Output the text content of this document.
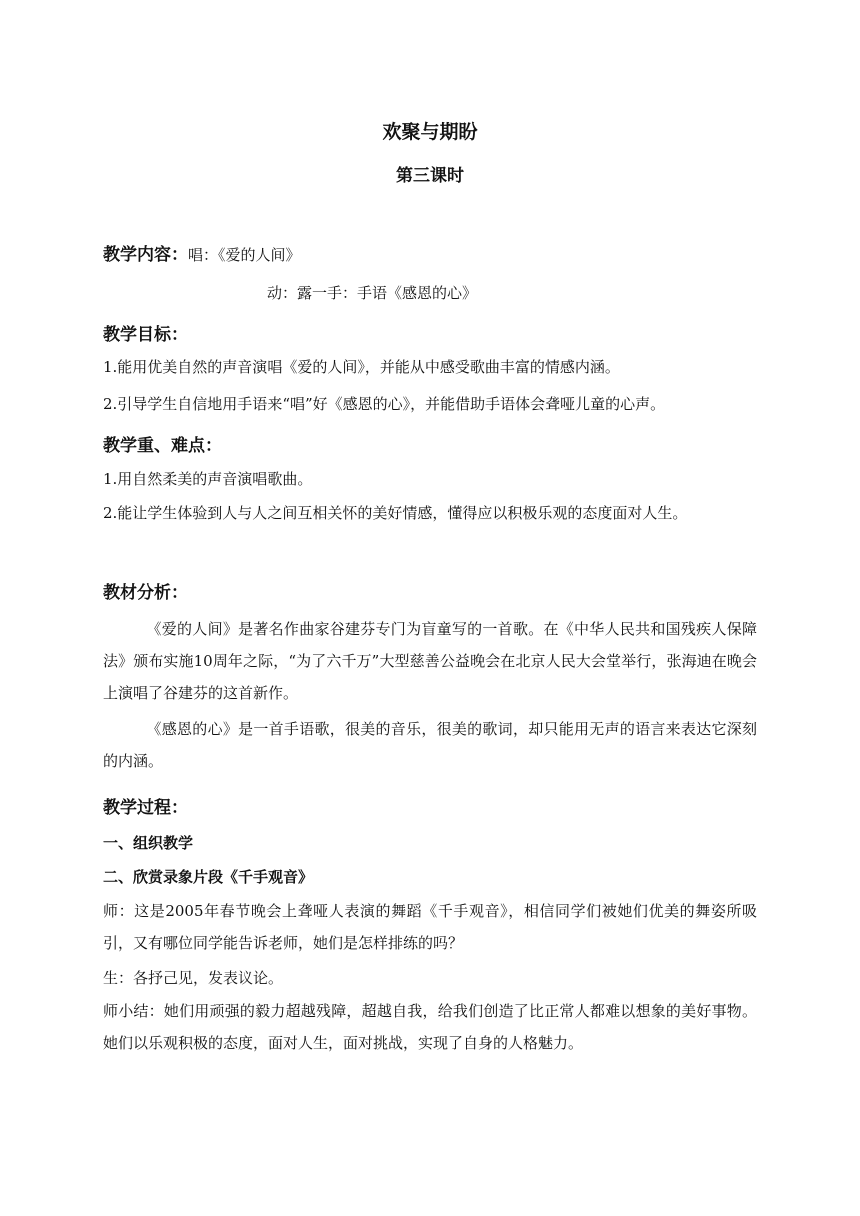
欢聚与期盼
第三课时
教学内容：唱：《爱的人间》
动：露一手：手语《感恩的心》
教学目标：
1.能用优美自然的声音演唱《爱的人间》，并能从中感受歌曲丰富的情感内涵。
2.引导学生自信地用手语来“唱”好《感恩的心》，并能借助手语体会聋哑儿童的心声。
教学重、难点：
1.用自然柔美的声音演唱歌曲。
2.能让学生体验到人与人之间互相关怀的美好情感，懂得应以积极乐观的态度面对人生。
教材分析：
《爱的人间》是著名作曲家谷建芬专门为盲童写的一首歌。在《中华人民共和国残疾人保障法》颁布实施10周年之际，“为了六千万”大型慈善公益晚会在北京人民大会堂举行，张海迪在晚会上演唱了谷建芬的这首新作。
《感恩的心》是一首手语歌，很美的音乐，很美的歌词，却只能用无声的语言来表达它深刻的内涵。
教学过程：
一、组织教学
二、欣赏录象片段《千手观音》
师：这是2005年春节晚会上聋哑人表演的舞蹈《千手观音》，相信同学们被她们优美的舞姿所吸引，又有哪位同学能告诉老师，她们是怎样排练的吗？
生：各抒己见，发表议论。
师小结：她们用顽强的毅力超越残障，超越自我，给我们创造了比正常人都难以想象的美好事物。她们以乐观积极的态度，面对人生，面对挑战，实现了自身的人格魅力。
